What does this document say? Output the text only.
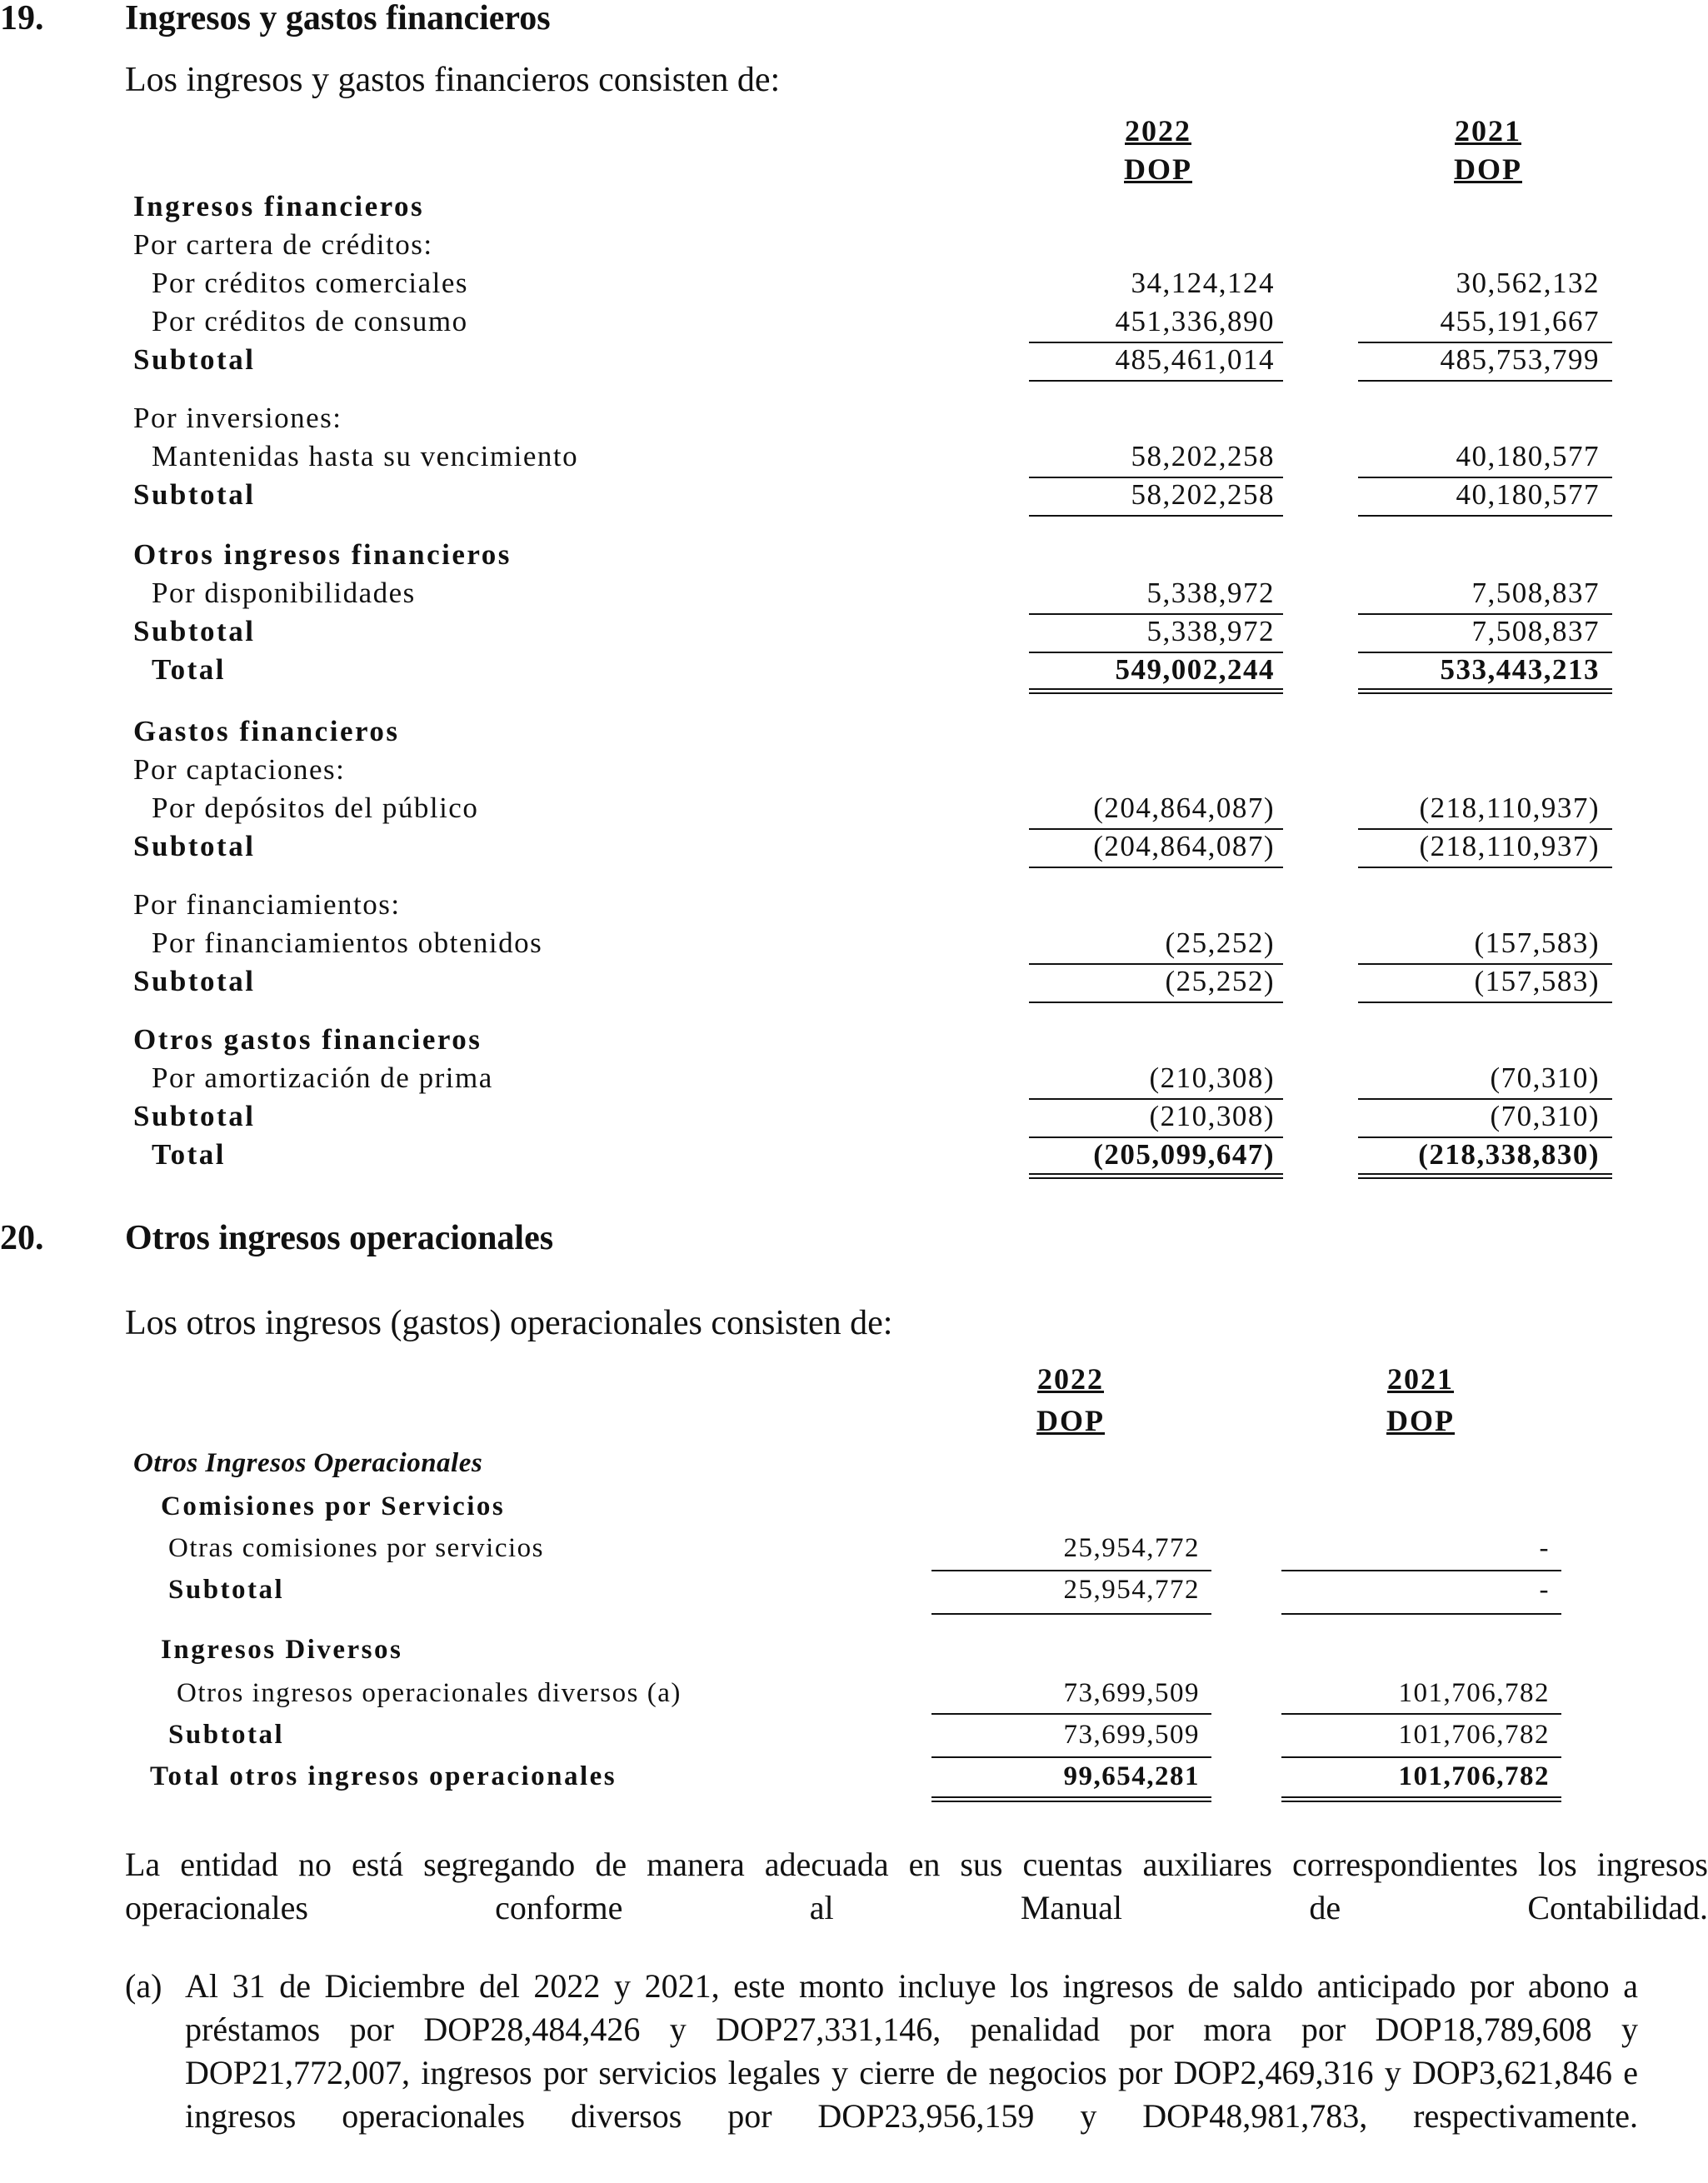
19. Ingresos y gastos financieros
Los ingresos y gastos financieros consisten de:
2022	2021
DOP	DOP
Ingresos financieros
Por cartera de créditos:
Por créditos comerciales	34,124,124	30,562,132
Por créditos de consumo	451,336,890	455,191,667
Subtotal	485,461,014	485,753,799
Por inversiones:
Mantenidas hasta su vencimiento	58,202,258	40,180,577
Subtotal	58,202,258	40,180,577
Otros ingresos financieros
Por disponibilidades	5,338,972	7,508,837
Subtotal	5,338,972	7,508,837
Total	549,002,244	533,443,213
Gastos financieros
Por captaciones:
Por depósitos del público	(204,864,087)	(218,110,937)
Subtotal	(204,864,087)	(218,110,937)
Por financiamientos:
Por financiamientos obtenidos	(25,252)	(157,583)
Subtotal	(25,252)	(157,583)
Otros gastos financieros
Por amortización de prima	(210,308)	(70,310)
Subtotal	(210,308)	(70,310)
Total	(205,099,647)	(218,338,830)
20. Otros ingresos operacionales
Los otros ingresos (gastos) operacionales consisten de:
2022	2021
DOP	DOP
Otros Ingresos Operacionales
Comisiones por Servicios
Otras comisiones por servicios	25,954,772	-
Subtotal	25,954,772	-
Ingresos Diversos
Otros ingresos operacionales diversos (a)	73,699,509	101,706,782
Subtotal	73,699,509	101,706,782
Total otros ingresos operacionales	99,654,281	101,706,782
La entidad no está segregando de manera adecuada en sus cuentas auxiliares correspondientes los ingresos operacionales conforme al Manual de Contabilidad.
(a) Al 31 de Diciembre del 2022 y 2021, este monto incluye los ingresos de saldo anticipado por abono a préstamos por DOP28,484,426 y DOP27,331,146, penalidad por mora por DOP18,789,608 y DOP21,772,007, ingresos por servicios legales y cierre de negocios por DOP2,469,316 y DOP3,621,846 e ingresos operacionales diversos por DOP23,956,159 y DOP48,981,783, respectivamente.
